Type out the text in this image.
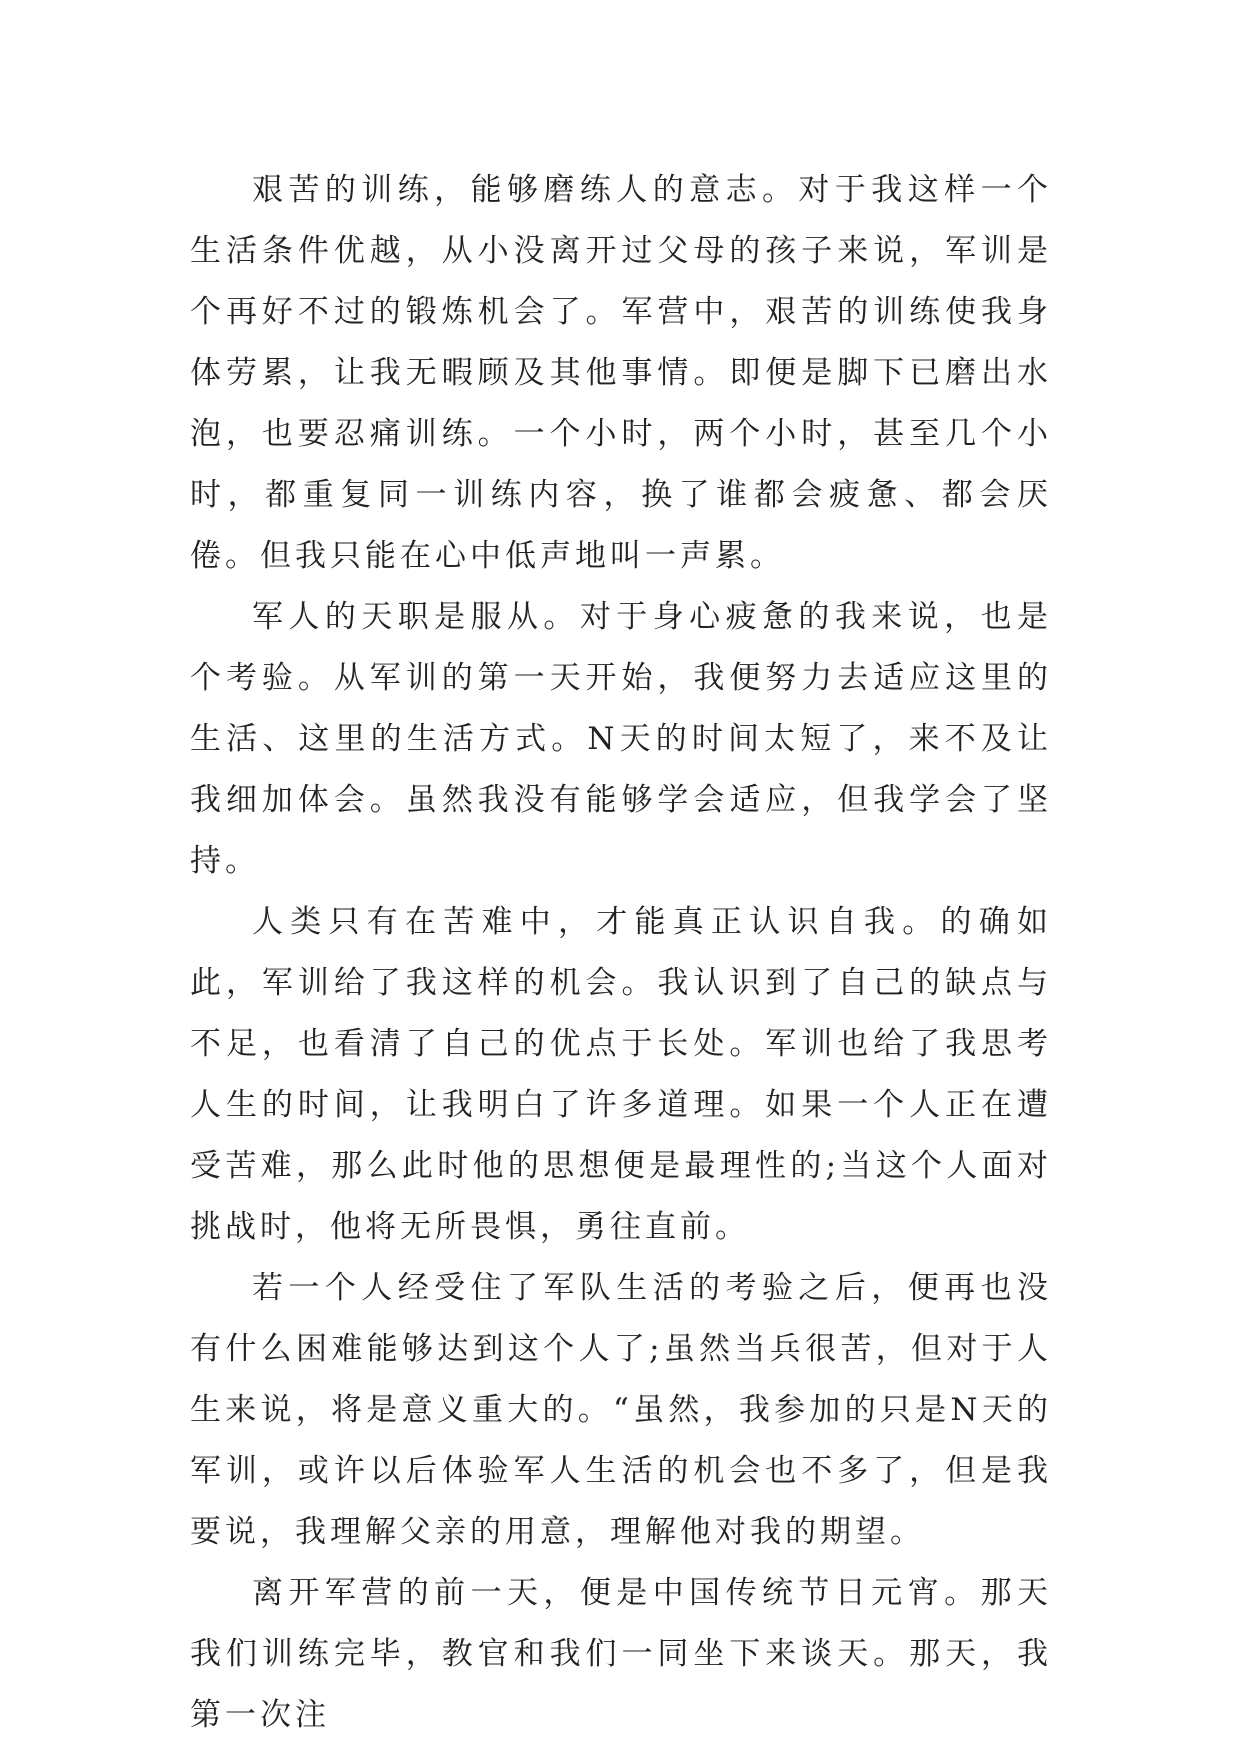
艰苦的训练，能够磨练人的意志。对于我这样一个生活条件优越，从小没离开过父母的孩子来说，军训是个再好不过的锻炼机会了。军营中，艰苦的训练使我身体劳累，让我无暇顾及其他事情。即便是脚下已磨出水泡，也要忍痛训练。一个小时，两个小时，甚至几个小时，都重复同一训练内容，换了谁都会疲惫、都会厌倦。但我只能在心中低声地叫一声累。

军人的天职是服从。对于身心疲惫的我来说，也是个考验。从军训的第一天开始，我便努力去适应这里的生活、这里的生活方式。N天的时间太短了，来不及让我细加体会。虽然我没有能够学会适应，但我学会了坚持。

人类只有在苦难中，才能真正认识自我。的确如此，军训给了我这样的机会。我认识到了自己的缺点与不足，也看清了自己的优点于长处。军训也给了我思考人生的时间，让我明白了许多道理。如果一个人正在遭受苦难，那么此时他的思想便是最理性的;当这个人面对挑战时，他将无所畏惧，勇往直前。

若一个人经受住了军队生活的考验之后，便再也没有什么困难能够达到这个人了;虽然当兵很苦，但对于人生来说，将是意义重大的。“虽然，我参加的只是N天的军训，或许以后体验军人生活的机会也不多了，但是我要说，我理解父亲的用意，理解他对我的期望。

离开军营的前一天，便是中国传统节日元宵。那天我们训练完毕，教官和我们一同坐下来谈天。那天，我第一次注
